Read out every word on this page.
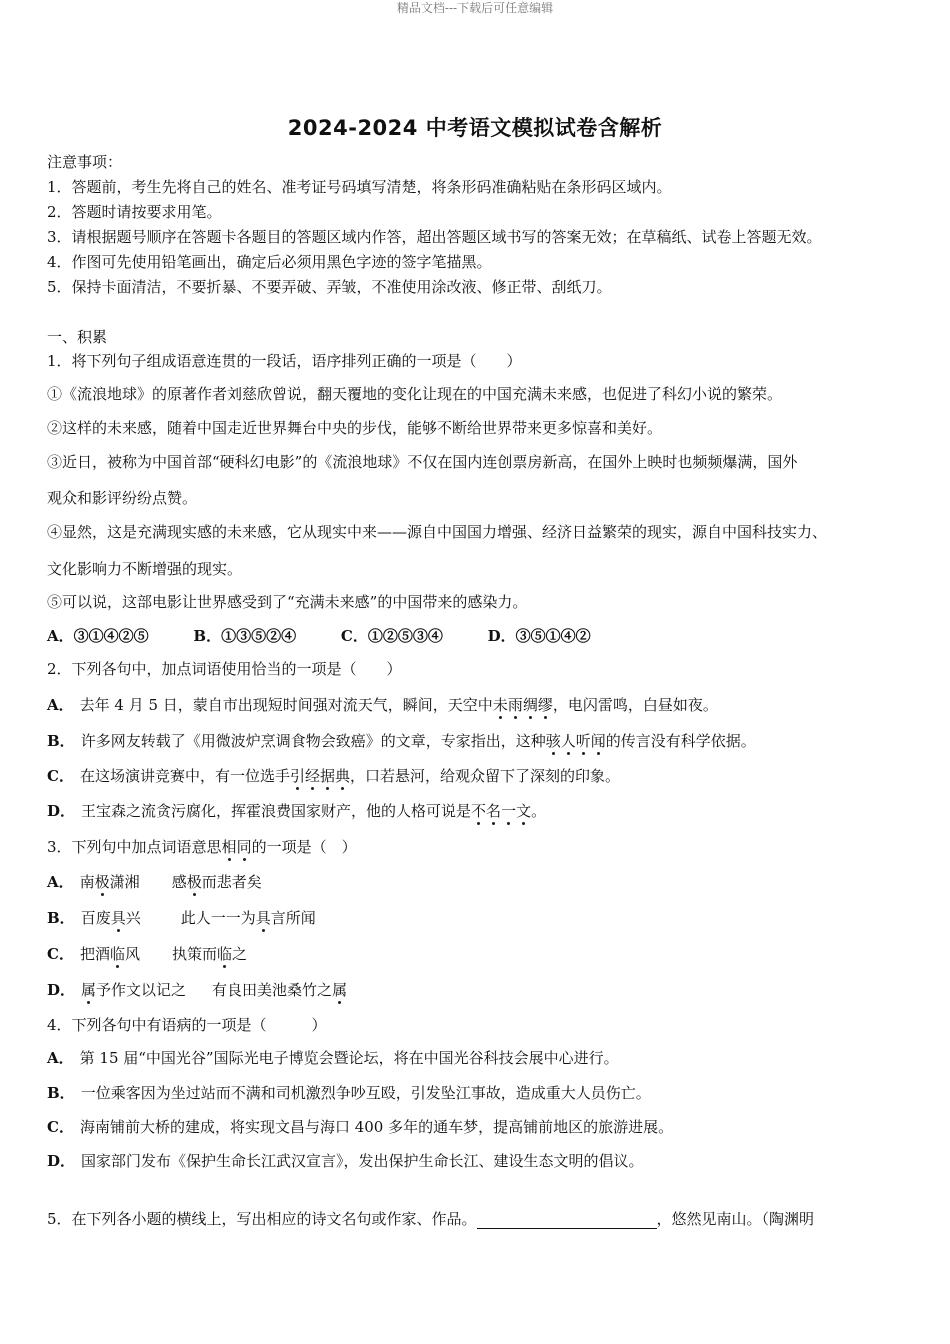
精品文档---下载后可任意编辑
2024-2024 中考语文模拟试卷含解析
注意事项：
1．答题前，考生先将自己的姓名、准考证号码填写清楚，将条形码准确粘贴在条形码区域内。
2．答题时请按要求用笔。
3．请根据题号顺序在答题卡各题目的答题区域内作答，超出答题区域书写的答案无效；在草稿纸、试卷上答题无效。
4．作图可先使用铅笔画出，确定后必须用黑色字迹的签字笔描黑。
5．保持卡面清洁，不要折暴、不要弄破、弄皱，不准使用涂改液、修正带、刮纸刀。
一、积累
1．将下列句子组成语意连贯的一段话，语序排列正确的一项是（　　）
①《流浪地球》的原著作者刘慈欣曾说，翻天覆地的变化让现在的中国充满未来感，也促进了科幻小说的繁荣。
②这样的未来感，随着中国走近世界舞台中央的步伐，能够不断给世界带来更多惊喜和美好。
③近日，被称为中国首部“硬科幻电影”的《流浪地球》不仅在国内连创票房新高，在国外上映时也频频爆满，国外
观众和影评纷纷点赞。
④显然，这是充满现实感的未来感，它从现实中来——源自中国国力增强、经济日益繁荣的现实，源自中国科技实力、
文化影响力不断增强的现实。
⑤可以说，这部电影让世界感受到了“充满未来感”的中国带来的感染力。
A．③①④②⑤	B．①③⑤②④	C．①②⑤③④	D．③⑤①④②
2．下列各句中，加点词语使用恰当的一项是（　　）
A． 去年 4 月 5 日，蒙自市出现短时间强对流天气，瞬间，天空中未雨绸缪，电闪雷鸣，白昼如夜。
B． 许多网友转载了《用微波炉烹调食物会致癌》的文章，专家指出，这种骇人听闻的传言没有科学依据。
C． 在这场演讲竞赛中，有一位选手引经据典，口若悬河，给观众留下了深刻的印象。
D． 王宝森之流贪污腐化，挥霍浪费国家财产，他的人格可说是不名一文。
3．下列句中加点词语意思相同的一项是（　）
A． 南极潇湘 感极而悲者矣
B． 百废具兴	此人一一为具言所闻
C． 把酒临风 执策而临之
D． 属予作文以记之 有良田美池桑竹之属
4．下列各句中有语病的一项是（　　　）
A． 第 15 届“中国光谷”国际光电子博览会暨论坛，将在中国光谷科技会展中心进行。
B． 一位乘客因为坐过站而不满和司机激烈争吵互殴，引发坠江事故，造成重大人员伤亡。
C． 海南铺前大桥的建成，将实现文昌与海口 400 多年的通车梦，提高铺前地区的旅游进展。
D． 国家部门发布《保护生命长江武汉宣言》，发出保护生命长江、建设生态文明的倡议。
5．在下列各小题的横线上，写出相应的诗文名句或作家、作品。	，悠然见南山。（陶渊明
